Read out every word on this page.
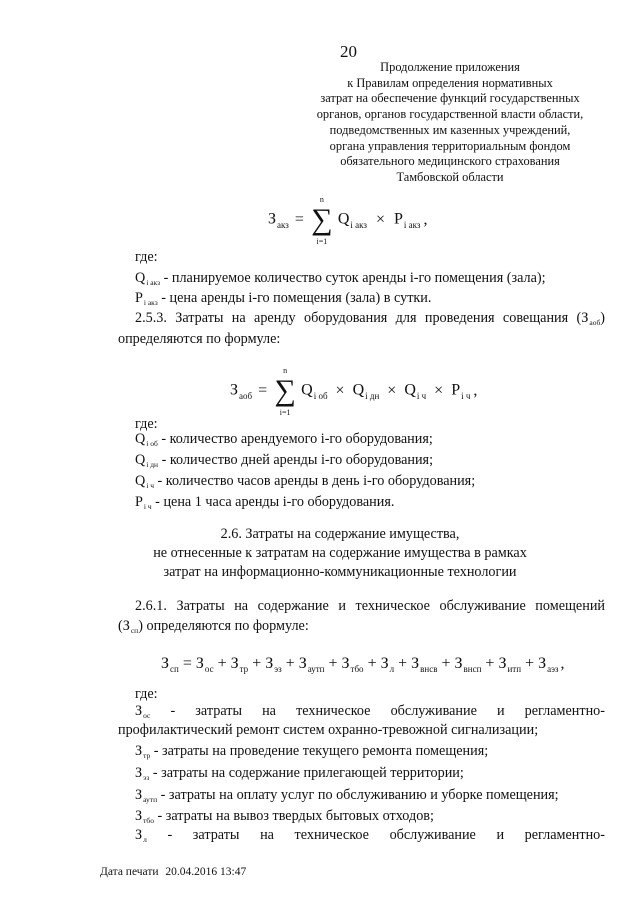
20
Продолжение приложения
к Правилам определения нормативных
затрат на обеспечение функций государственных
органов, органов государственной власти области,
подведомственных им казенных учреждений,
органа управления территориальным фондом
обязательного медицинского страхования
Тамбовской области
$З_{акз}$ =
n
∑
i=1
$Q_{i акз} \times P_{i акз}$ ,
где:
$Q_{i акз}$ - планируемое количество суток аренды i-го помещения (зала);
$P_{i акз}$ - цена аренды i-го помещения (зала) в сутки.
2.5.3. Затраты на аренду оборудования для проведения совещания $(З_{аоб})$
определяются по формуле:
$З_{аоб}$ =
n
∑
i=1
$Q_{i об} \times Q_{i дн} \times Q_{i ч} \times P_{i ч}$ ,
где:
$Q_{i об}$ - количество арендуемого i-го оборудования;
$Q_{i дн}$ - количество дней аренды i-го оборудования;
$Q_{i ч}$ - количество часов аренды в день i-го оборудования;
$P_{i ч}$ - цена 1 часа аренды i-го оборудования.
2.6. Затраты на содержание имущества,
не отнесенные к затратам на содержание имущества в рамках
затрат на информационно-коммуникационные технологии
2.6.1. Затраты на содержание и техническое обслуживание помещений
$(З_{сп})$ определяются по формуле:
$З_{сп} = З_{ос} + З_{тр} + З_{эз} + З_{аутп} + З_{тбо} + З_л + З_{внсв} + З_{внсп} + З_{итп} + З_{аэз}$ ,
где:
$З_{ос}$ - затраты на техническое обслуживание и регламентно-
профилактический ремонт систем охранно-тревожной сигнализации;
$З_{тр}$ - затраты на проведение текущего ремонта помещения;
$З_{эз}$ - затраты на содержание прилегающей территории;
$З_{аутп}$ - затраты на оплату услуг по обслуживанию и уборке помещения;
$З_{тбо}$ - затраты на вывоз твердых бытовых отходов;
$З_л$ - затраты на техническое обслуживание и регламентно-
Дата печати 20.04.2016 13:47
